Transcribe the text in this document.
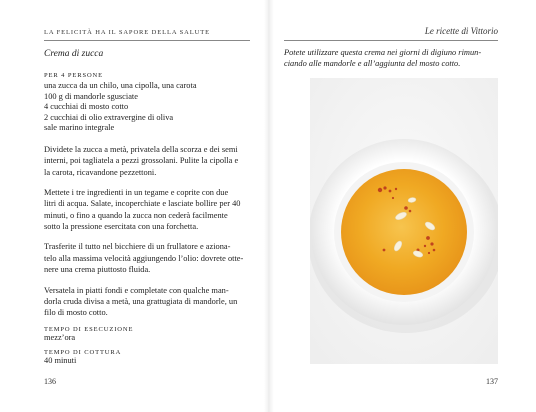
LA FELICITÀ HA IL SAPORE DELLA SALUTE
Crema di zucca
PER 4 PERSONE
una zucca da un chilo, una cipolla, una carota
100 g di mandorle sgusciate
4 cucchiai di mosto cotto
2 cucchiai di olio extravergine di oliva
sale marino integrale

Dividete la zucca a metà, privatela della scorza e dei semi
interni, poi tagliatela a pezzi grossolani. Pulite la cipolla e
la carota, ricavandone pezzettoni.

Mettete i tre ingredienti in un tegame e coprite con due
litri di acqua. Salate, incoperchiate e lasciate bollire per 40
minuti, o fino a quando la zucca non cederà facilmente
sotto la pressione esercitata con una forchetta.

Trasferite il tutto nel bicchiere di un frullatore e aziona-
telo alla massima velocità aggiungendo l’olio: dovrete otte-
nere una crema piuttosto fluida.

Versatela in piatti fondi e completate con qualche man-
dorla cruda divisa a metà, una grattugiata di mandorle, un
filo di mosto cotto.

TEMPO DI ESECUZIONE
mezz’ora
TEMPO DI COTTURA
40 minuti
136
Le ricette di Vittorio
Potete utilizzare questa crema nei giorni di digiuno rimun-
ciando alle mandorle e all’aggiunta del mosto cotto.
137
